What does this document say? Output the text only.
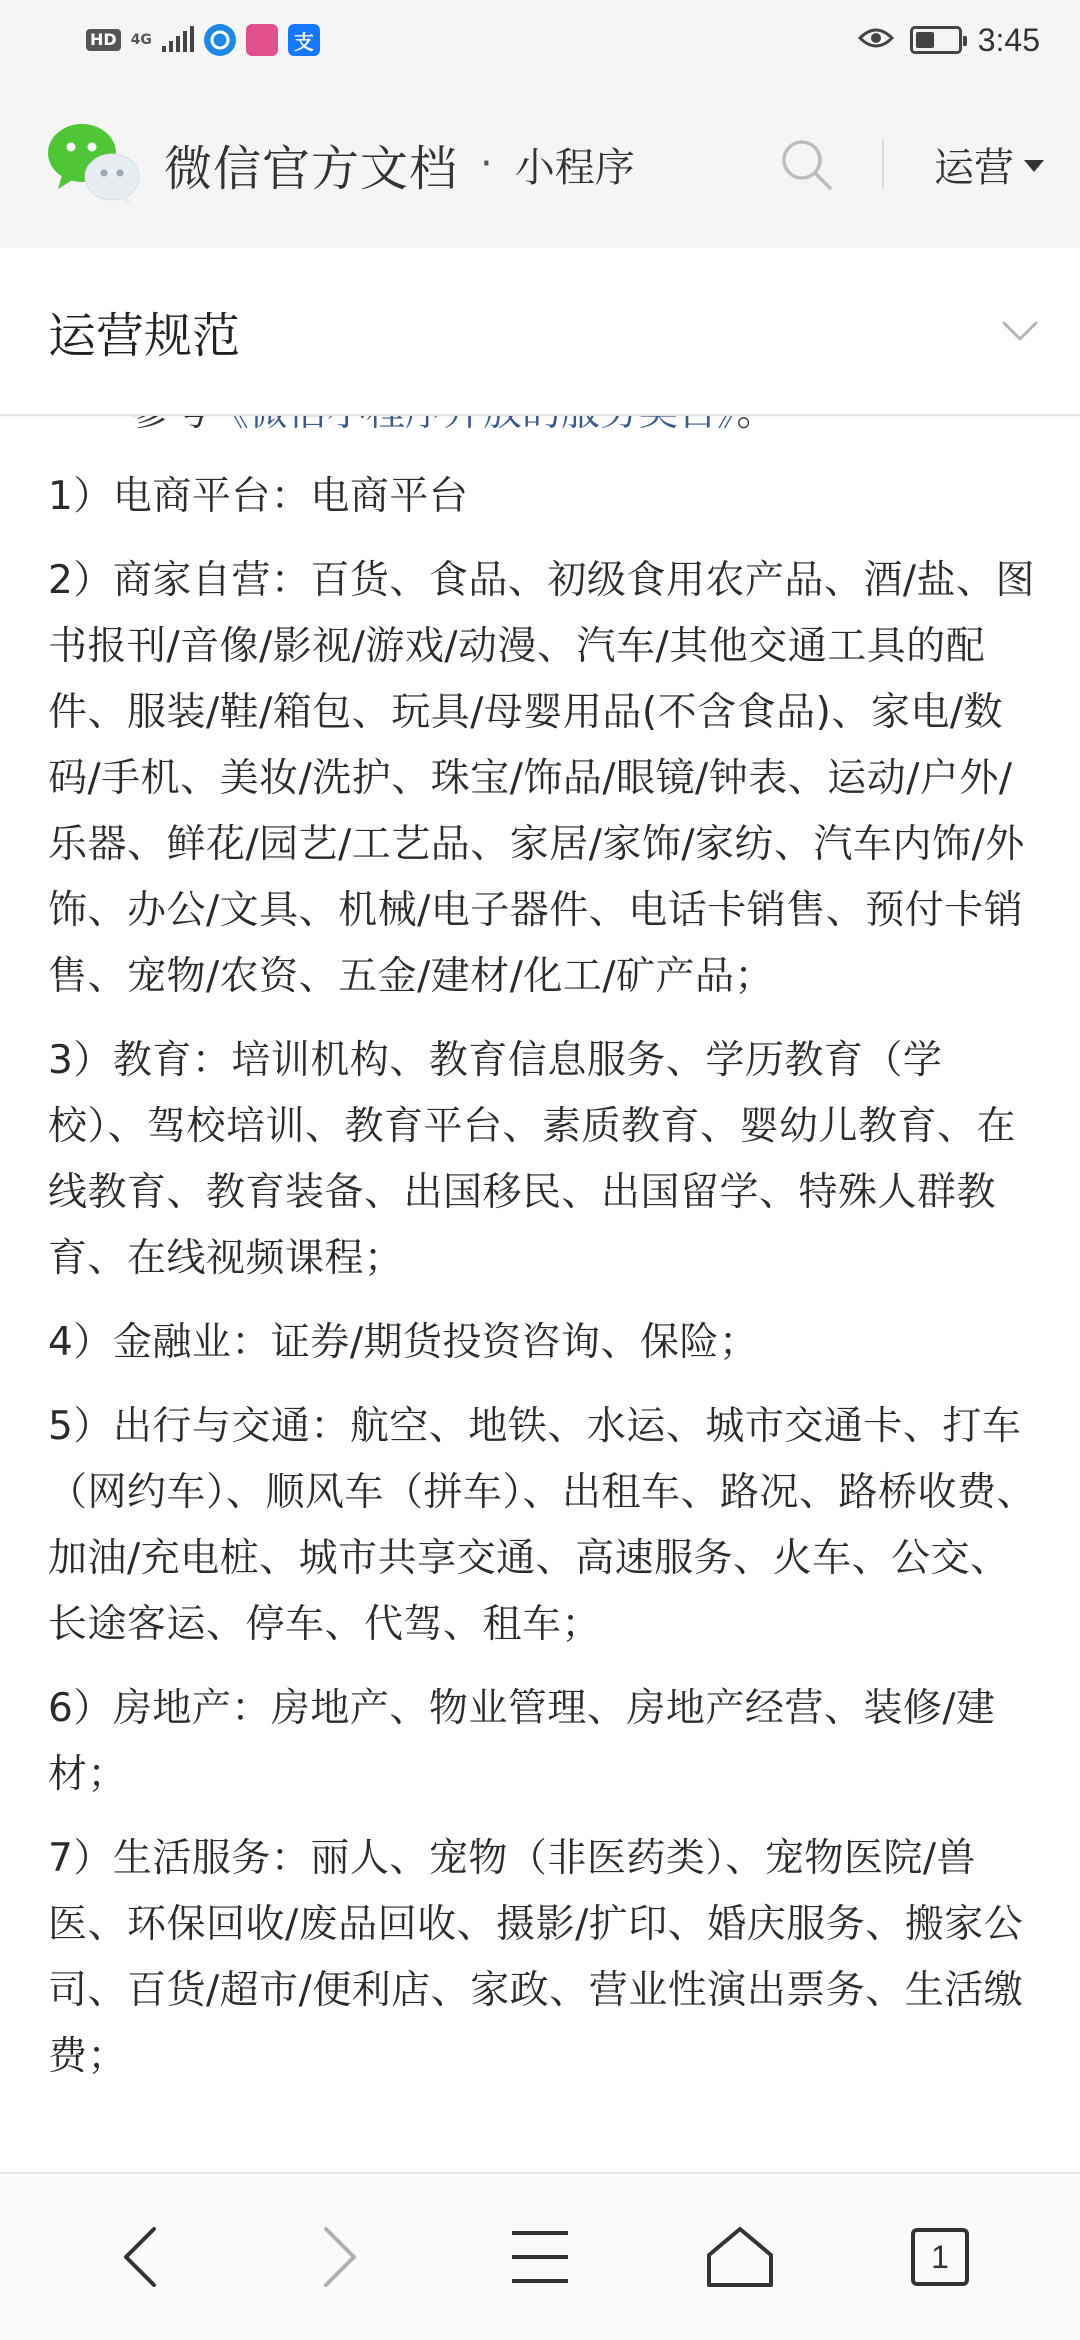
HD 4G	支	3:45
微信官方文档 · 小程序	运营
运营规范

1）电商平台：电商平台

2）商家自营：百货、食品、初级食用农产品、酒/盐、图书报刊/音像/影视/游戏/动漫、汽车/其他交通工具的配件、服装/鞋/箱包、玩具/母婴用品(不含食品)、家电/数码/手机、美妆/洗护、珠宝/饰品/眼镜/钟表、运动/户外/乐器、鲜花/园艺/工艺品、家居/家饰/家纺、汽车内饰/外饰、办公/文具、机械/电子器件、电话卡销售、预付卡销售、宠物/农资、五金/建材/化工/矿产品；

3）教育：培训机构、教育信息服务、学历教育（学校）、驾校培训、教育平台、素质教育、婴幼儿教育、在线教育、教育装备、出国移民、出国留学、特殊人群教育、在线视频课程；

4）金融业：证券/期货投资咨询、保险；

5）出行与交通：航空、地铁、水运、城市交通卡、打车（网约车）、顺风车（拼车）、出租车、路况、路桥收费、加油/充电桩、城市共享交通、高速服务、火车、公交、长途客运、停车、代驾、租车；

6）房地产：房地产、物业管理、房地产经营、装修/建材；

7）生活服务：丽人、宠物（非医药类）、宠物医院/兽医、环保回收/废品回收、摄影/扩印、婚庆服务、搬家公司、百货/超市/便利店、家政、营业性演出票务、生活缴费；

1
